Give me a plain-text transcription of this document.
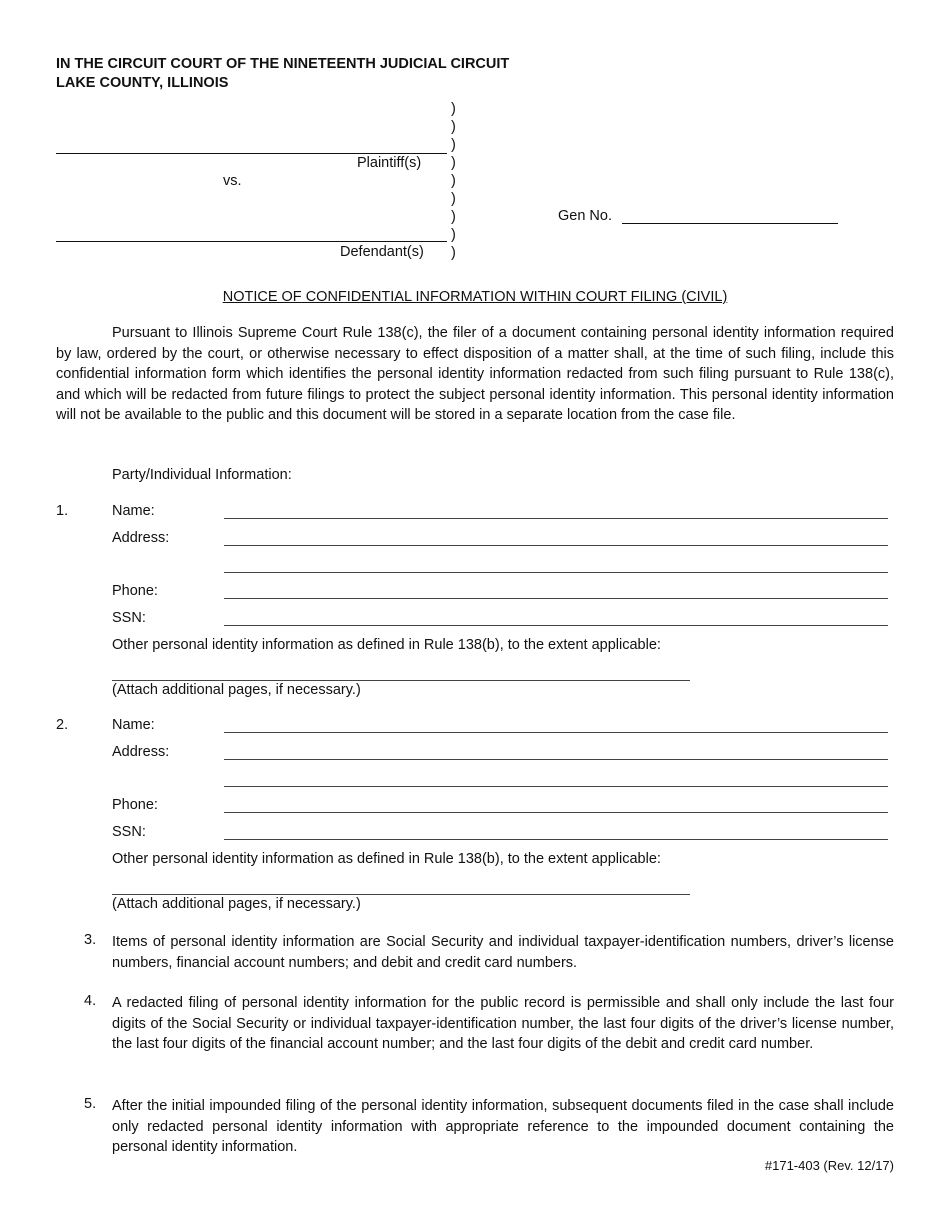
IN THE CIRCUIT COURT OF THE NINETEENTH JUDICIAL CIRCUIT
LAKE COUNTY, ILLINOIS
)
)
)
)
)
)
)
)
)
Plaintiff(s)
vs.
Defendant(s)
Gen No.
NOTICE OF CONFIDENTIAL INFORMATION WITHIN COURT FILING (CIVIL)
Pursuant to Illinois Supreme Court Rule 138(c), the filer of a document containing personal identity information required by law, ordered by the court, or otherwise necessary to effect disposition of a matter shall, at the time of such filing, include this confidential information form which identifies the personal identity information redacted from such filing pursuant to Rule 138(c), and which will be redacted from future filings to protect the subject personal identity information. This personal identity information will not be available to the public and this document will be stored in a separate location from the case file.
Party/Individual Information:
1.	Name:
Address:
Phone:
SSN:
Other personal identity information as defined in Rule 138(b), to the extent applicable:
(Attach additional pages, if necessary.)
2.	Name:
Address:
Phone:
SSN:
Other personal identity information as defined in Rule 138(b), to the extent applicable:
(Attach additional pages, if necessary.)
3. Items of personal identity information are Social Security and individual taxpayer-identification numbers, driver’s license numbers, financial account numbers; and debit and credit card numbers.
4. A redacted filing of personal identity information for the public record is permissible and shall only include the last four digits of the Social Security or individual taxpayer-identification number, the last four digits of the driver’s license number, the last four digits of the financial account number; and the last four digits of the debit and credit card number.
5. After the initial impounded filing of the personal identity information, subsequent documents filed in the case shall include only redacted personal identity information with appropriate reference to the impounded document containing the personal identity information.
#171-403 (Rev. 12/17)
